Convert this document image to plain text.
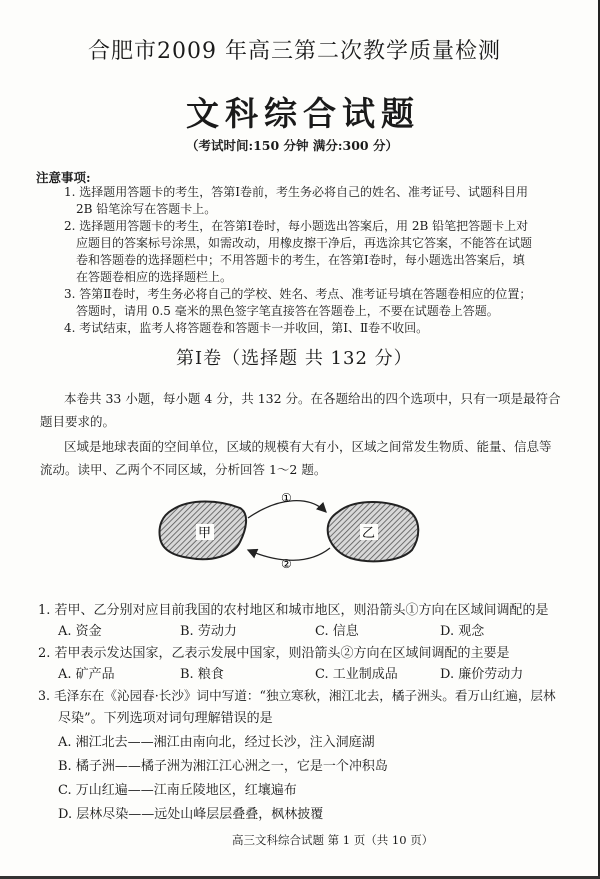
合肥市2009 年高三第二次教学质量检测
文科综合试题
（考试时间:150 分钟 满分:300 分）
注意事项:
1. 选择题用答题卡的考生，答第Ⅰ卷前，考生务必将自己的姓名、准考证号、试题科目用
2B 铅笔涂写在答题卡上。
2. 选择题用答题卡的考生，在答第Ⅰ卷时，每小题选出答案后，用 2B 铅笔把答题卡上对
应题目的答案标号涂黑，如需改动，用橡皮擦干净后，再选涂其它答案，不能答在试题
卷和答题卷的选择题栏中；不用答题卡的考生，在答第Ⅰ卷时，每小题选出答案后，填
在答题卷相应的选择题栏上。
3. 答第Ⅱ卷时，考生务必将自己的学校、姓名、考点、准考证号填在答题卷相应的位置；
答题时，请用 0.5 毫米的黑色签字笔直接答在答题卷上，不要在试题卷上答题。
4. 考试结束，监考人将答题卷和答题卡一并收回，第Ⅰ、Ⅱ卷不收回。
第Ⅰ卷（选择题 共 132 分）
本卷共 33 小题，每小题 4 分，共 132 分。在各题给出的四个选项中，只有一项是最符合
题目要求的。
区域是地球表面的空间单位，区域的规模有大有小，区域之间常发生物质、能量、信息等
流动。读甲、乙两个不同区域，分析回答 1～2 题。
甲	乙
①
②
1. 若甲、乙分别对应目前我国的农村地区和城市地区，则沿箭头①方向在区域间调配的是
A. 资金	B. 劳动力	C. 信息	D. 观念
2. 若甲表示发达国家，乙表示发展中国家，则沿箭头②方向在区域间调配的主要是
A. 矿产品	B. 粮食	C. 工业制成品	D. 廉价劳动力
3. 毛泽东在《沁园春·长沙》词中写道：“独立寒秋，湘江北去，橘子洲头。看万山红遍，层林
尽染”。下列选项对词句理解错误的是
A. 湘江北去——湘江由南向北，经过长沙，注入洞庭湖
B. 橘子洲——橘子洲为湘江江心洲之一，它是一个冲积岛
C. 万山红遍——江南丘陵地区，红壤遍布
D. 层林尽染——远处山峰层层叠叠，枫林披覆
高三文科综合试题 第 1 页（共 10 页）
